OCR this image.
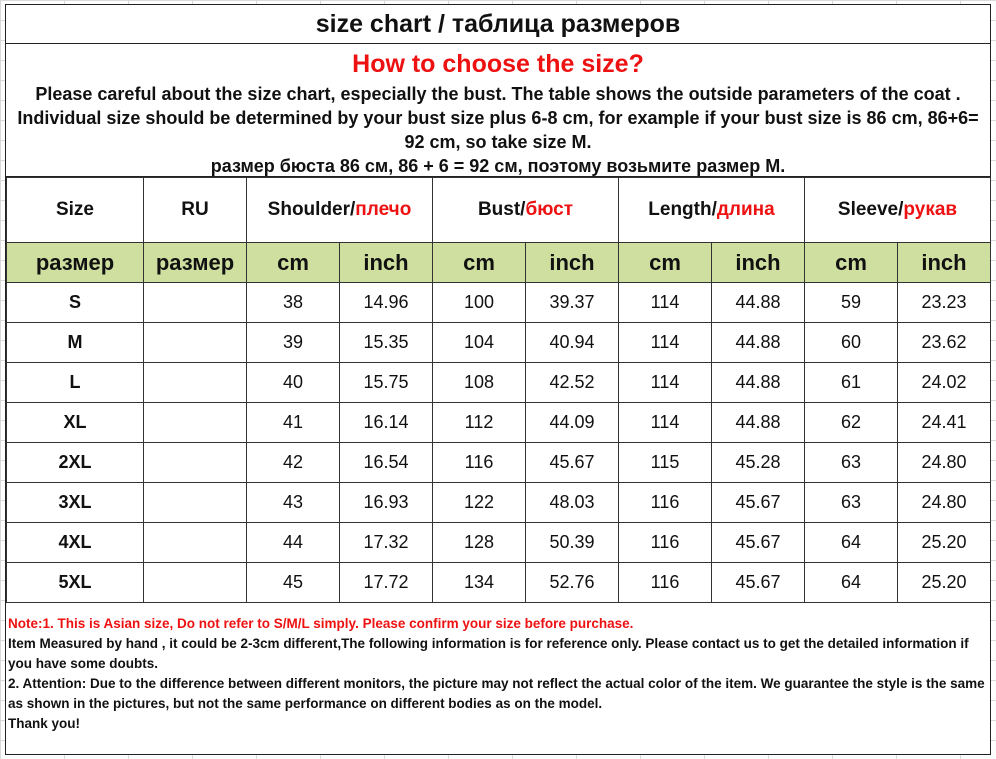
size chart / таблица размеров
How to choose the size?

Please careful about the size chart, especially the bust. The table shows the outside parameters of the coat . Individual size should be determined by your bust size plus 6-8 cm, for example if your bust size is 86 cm, 86+6= 92 cm, so take size M.

размер бюста 86 см, 86 + 6 = 92 см, поэтому возьмите размер М.

Size	RU	Shoulder/плечо		Bust/бюст		Length/длина		Sleeve/рукав	
размер	размер	cm	inch	cm	inch	cm	inch	cm	inch
S		38	14.96	100	39.37	114	44.88	59	23.23
M		39	15.35	104	40.94	114	44.88	60	23.62
L		40	15.75	108	42.52	114	44.88	61	24.02
XL		41	16.14	112	44.09	114	44.88	62	24.41
2XL		42	16.54	116	45.67	115	45.28	63	24.80
3XL		43	16.93	122	48.03	116	45.67	63	24.80
4XL		44	17.32	128	50.39	116	45.67	64	25.20
5XL		45	17.72	134	52.76	116	45.67	64	25.20

Note:1. This is Asian size, Do not refer to S/M/L simply. Please confirm your size before purchase.

Item Measured by hand , it could be 2-3cm different,The following information is for reference only. Please contact us to get the detailed information if you have some doubts.

2. Attention: Due to the difference between different monitors, the picture may not reflect the actual color of the item. We guarantee the style is the same as shown in the pictures, but not the same performance on different bodies as on the model.

Thank you!
